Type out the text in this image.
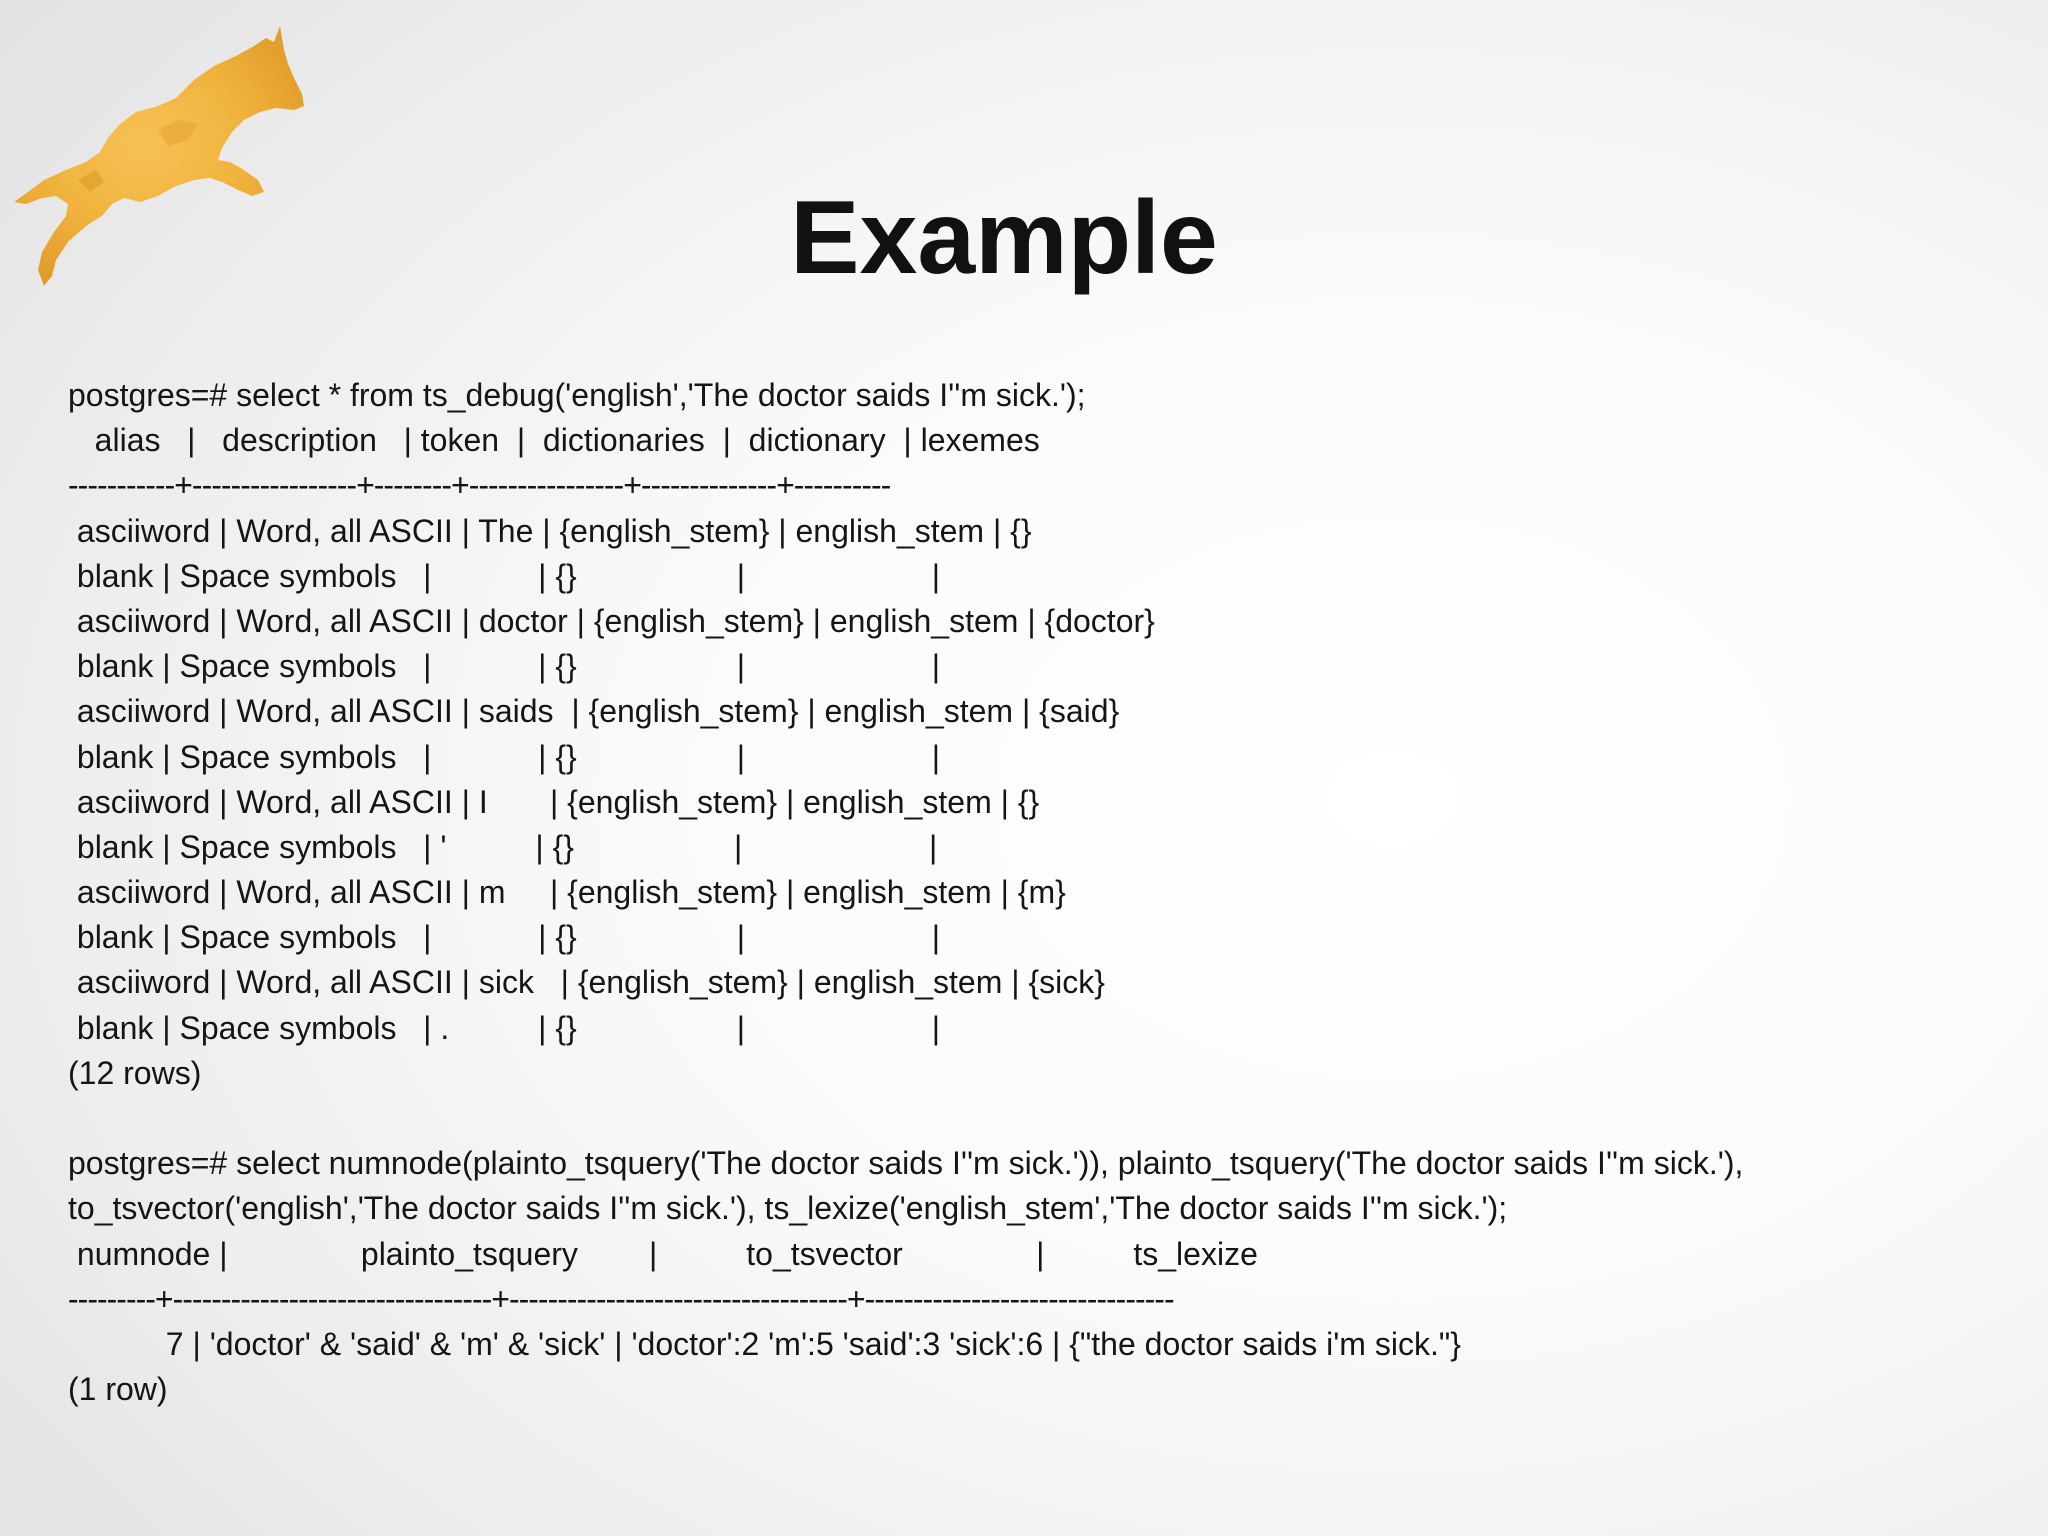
Example
postgres=# select * from ts_debug('english','The doctor saids I''m sick.');
alias   |   description   | token  |  dictionaries  |  dictionary  | lexemes
-----------+-----------------+--------+----------------+--------------+----------
asciiword | Word, all ASCII | The | {english_stem} | english_stem | {}
blank | Space symbols   |            | {}                  |                     |
asciiword | Word, all ASCII | doctor | {english_stem} | english_stem | {doctor}
blank | Space symbols   |            | {}                  |                     |
asciiword | Word, all ASCII | saids  | {english_stem} | english_stem | {said}
blank | Space symbols   |            | {}                  |                     |
asciiword | Word, all ASCII | I       | {english_stem} | english_stem | {}
blank | Space symbols   | '          | {}                  |                     |
asciiword | Word, all ASCII | m     | {english_stem} | english_stem | {m}
blank | Space symbols   |            | {}                  |                     |
asciiword | Word, all ASCII | sick   | {english_stem} | english_stem | {sick}
blank | Space symbols   | .          | {}                  |                     |
(12 rows)
postgres=# select numnode(plainto_tsquery('The doctor saids I''m sick.')), plainto_tsquery('The doctor saids I''m sick.'),
to_tsvector('english','The doctor saids I''m sick.'), ts_lexize('english_stem','The doctor saids I''m sick.');
numnode |               plainto_tsquery        |          to_tsvector               |          ts_lexize
---------+---------------------------------+-----------------------------------+--------------------------------
7 | 'doctor' & 'said' & 'm' & 'sick' | 'doctor':2 'm':5 'said':3 'sick':6 | {"the doctor saids i'm sick."}
(1 row)
